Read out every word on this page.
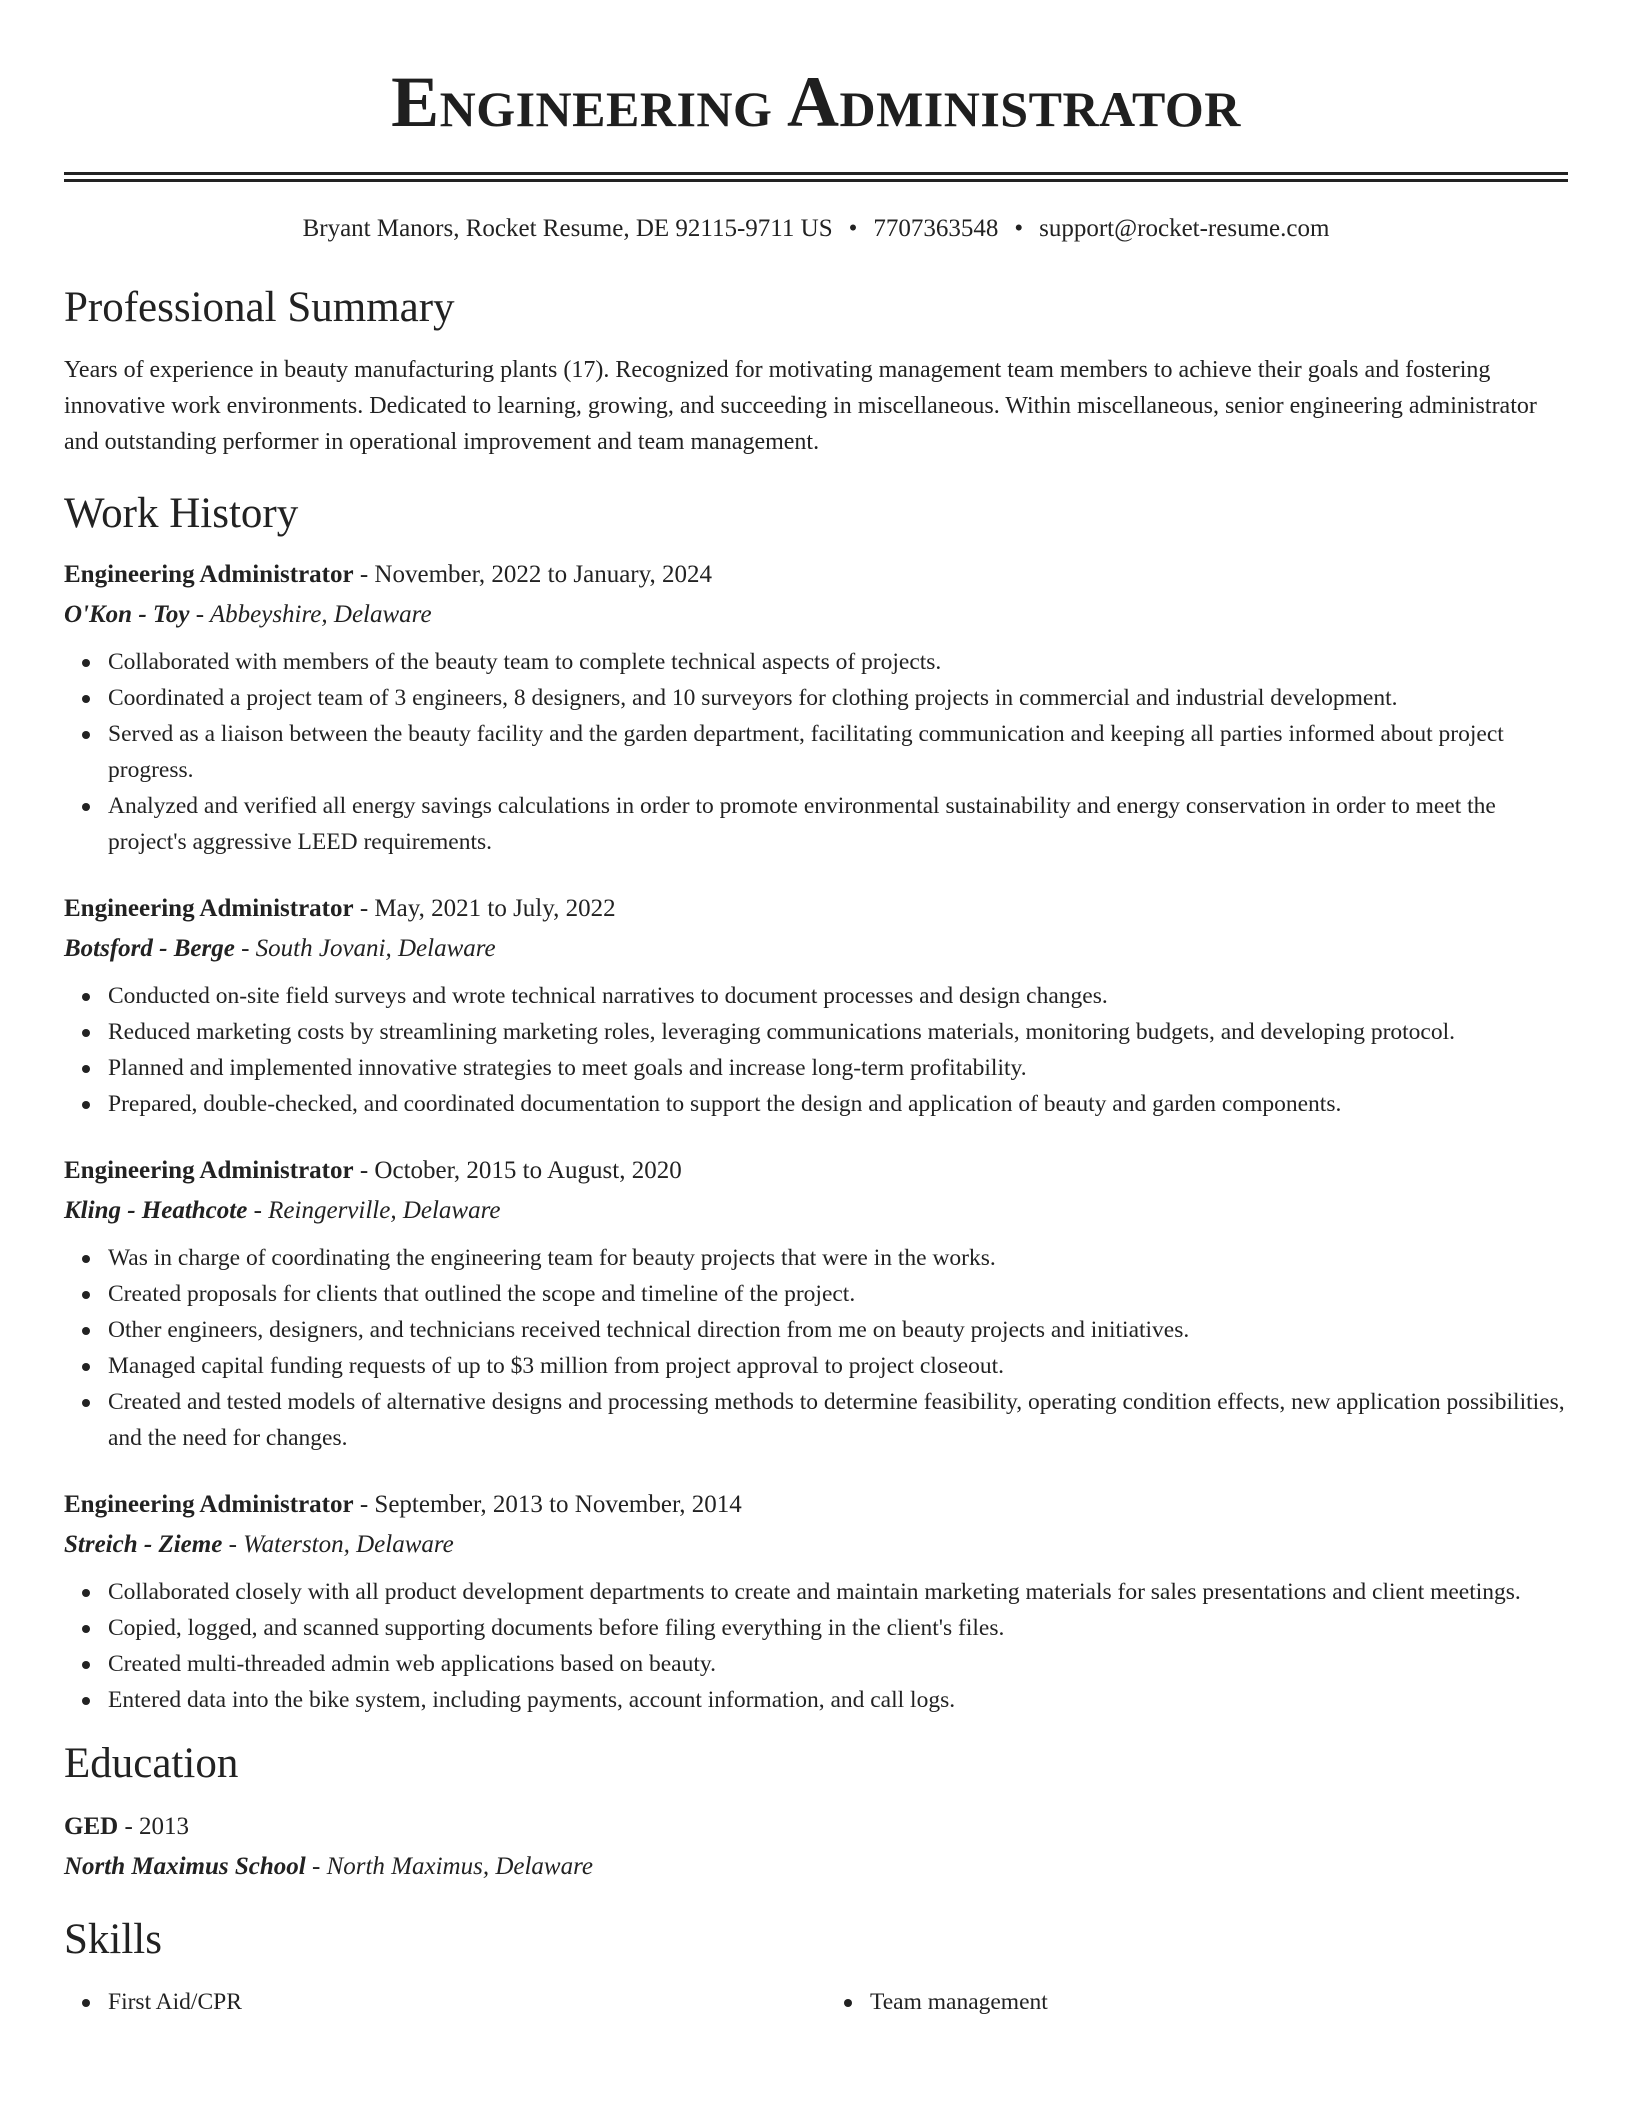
Engineering Administrator
Bryant Manors, Rocket Resume, DE 92115-9711 US • 7707363548 • support@rocket-resume.com
Professional Summary

Years of experience in beauty manufacturing plants (17). Recognized for motivating management team members to achieve their goals and fostering innovative work environments. Dedicated to learning, growing, and succeeding in miscellaneous. Within miscellaneous, senior engineering administrator and outstanding performer in operational improvement and team management.

Work History
Engineering Administrator - November, 2022 to January, 2024
O'Kon - Toy - Abbeyshire, Delaware
Collaborated with members of the beauty team to complete technical aspects of projects.
Coordinated a project team of 3 engineers, 8 designers, and 10 surveyors for clothing projects in commercial and industrial development.
Served as a liaison between the beauty facility and the garden department, facilitating communication and keeping all parties informed about project progress.
Analyzed and verified all energy savings calculations in order to promote environmental sustainability and energy conservation in order to meet the project's aggressive LEED requirements.
Engineering Administrator - May, 2021 to July, 2022
Botsford - Berge - South Jovani, Delaware
Conducted on-site field surveys and wrote technical narratives to document processes and design changes.
Reduced marketing costs by streamlining marketing roles, leveraging communications materials, monitoring budgets, and developing protocol.
Planned and implemented innovative strategies to meet goals and increase long-term profitability.
Prepared, double-checked, and coordinated documentation to support the design and application of beauty and garden components.
Engineering Administrator - October, 2015 to August, 2020
Kling - Heathcote - Reingerville, Delaware
Was in charge of coordinating the engineering team for beauty projects that were in the works.
Created proposals for clients that outlined the scope and timeline of the project.
Other engineers, designers, and technicians received technical direction from me on beauty projects and initiatives.
Managed capital funding requests of up to $3 million from project approval to project closeout.
Created and tested models of alternative designs and processing methods to determine feasibility, operating condition effects, new application possibilities, and the need for changes.
Engineering Administrator - September, 2013 to November, 2014
Streich - Zieme - Waterston, Delaware
Collaborated closely with all product development departments to create and maintain marketing materials for sales presentations and client meetings.
Copied, logged, and scanned supporting documents before filing everything in the client's files.
Created multi-threaded admin web applications based on beauty.
Entered data into the bike system, including payments, account information, and call logs.
Education
GED - 2013
North Maximus School - North Maximus, Delaware
Skills
First Aid/CPR	Team management
